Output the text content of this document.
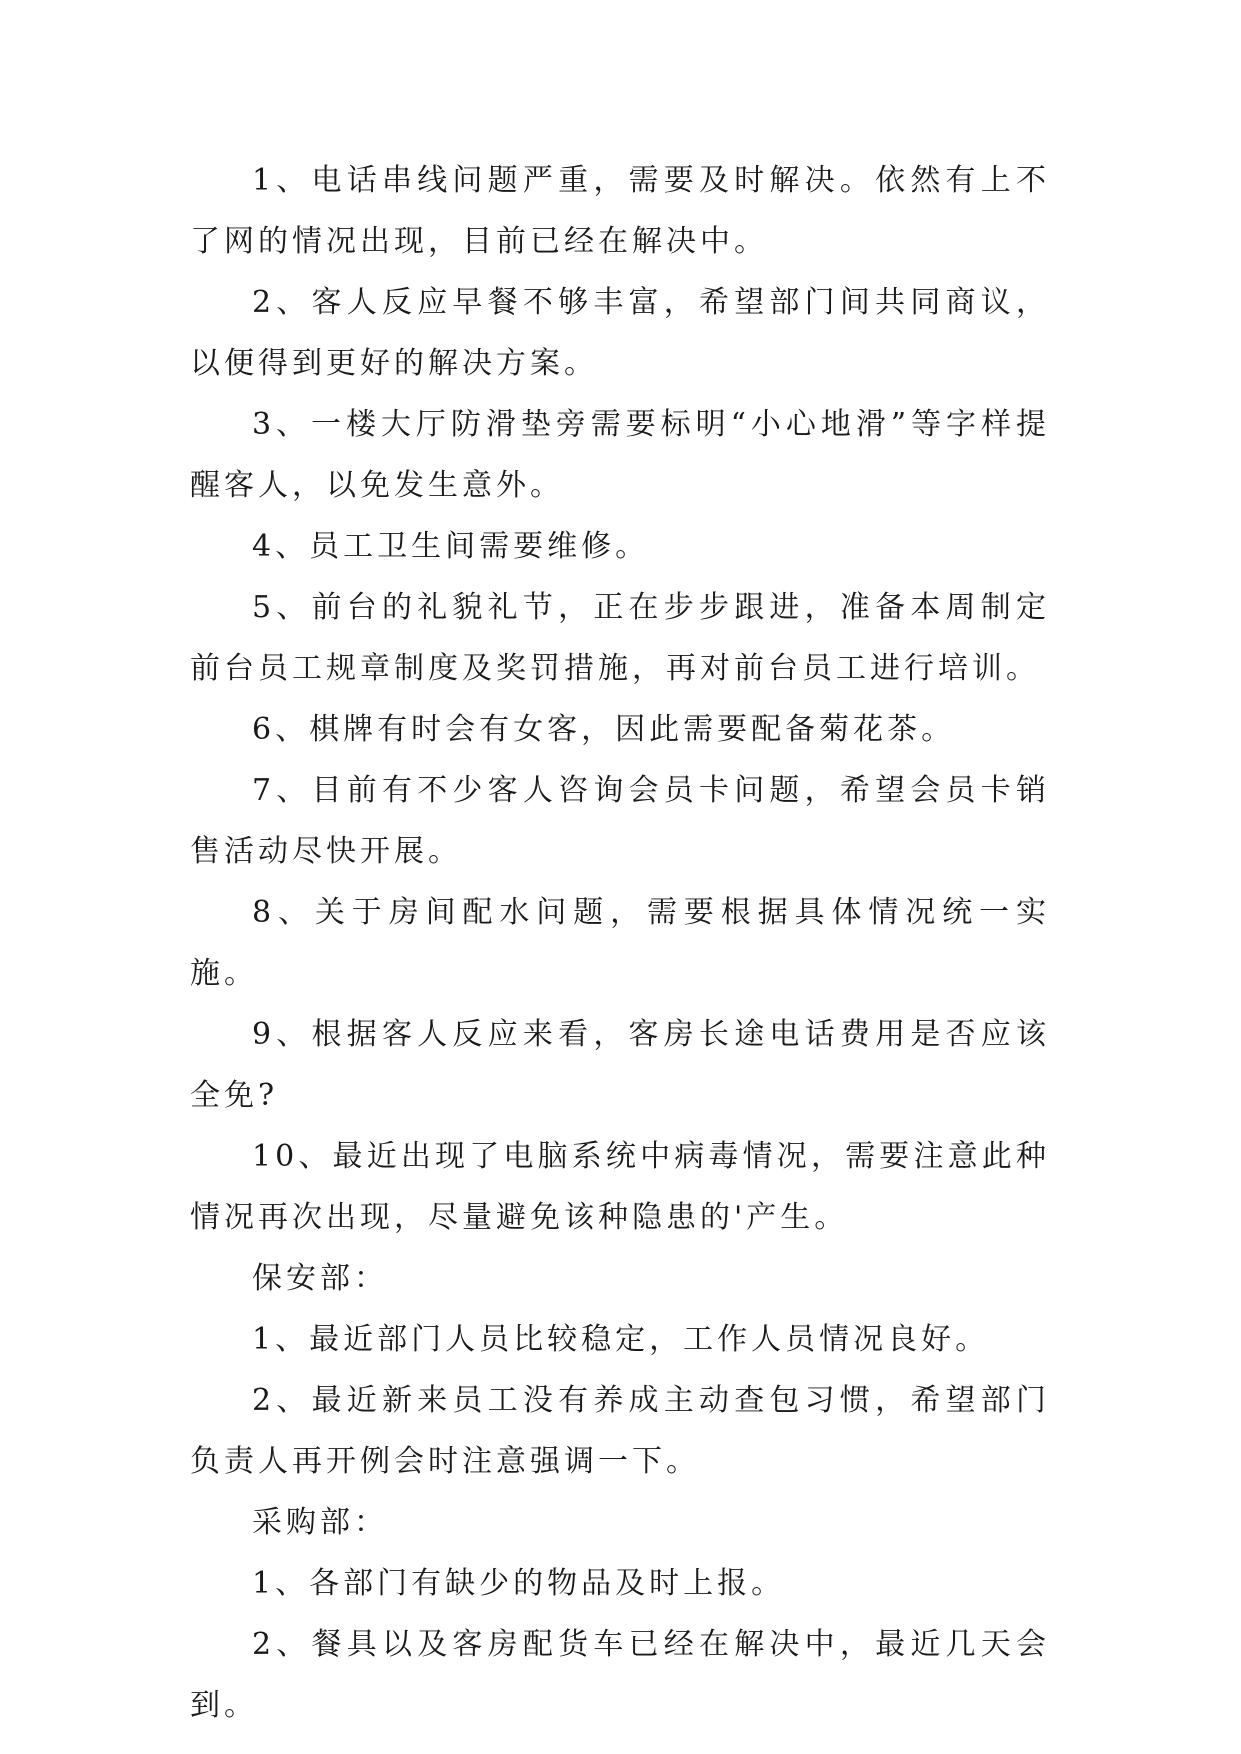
1、电话串线问题严重，需要及时解决。依然有上不了网的情况出现，目前已经在解决中。

2、客人反应早餐不够丰富，希望部门间共同商议，以便得到更好的解决方案。

3、一楼大厅防滑垫旁需要标明“小心地滑”等字样提醒客人，以免发生意外。

4、员工卫生间需要维修。

5、前台的礼貌礼节，正在步步跟进，准备本周制定前台员工规章制度及奖罚措施，再对前台员工进行培训。

6、棋牌有时会有女客，因此需要配备菊花茶。

7、目前有不少客人咨询会员卡问题，希望会员卡销售活动尽快开展。

8、关于房间配水问题，需要根据具体情况统一实施。

9、根据客人反应来看，客房长途电话费用是否应该全免?

10、最近出现了电脑系统中病毒情况，需要注意此种情况再次出现，尽量避免该种隐患的'产生。

保安部：

1、最近部门人员比较稳定，工作人员情况良好。

2、最近新来员工没有养成主动查包习惯，希望部门负责人再开例会时注意强调一下。

采购部：

1、各部门有缺少的物品及时上报。

2、餐具以及客房配货车已经在解决中，最近几天会到。
